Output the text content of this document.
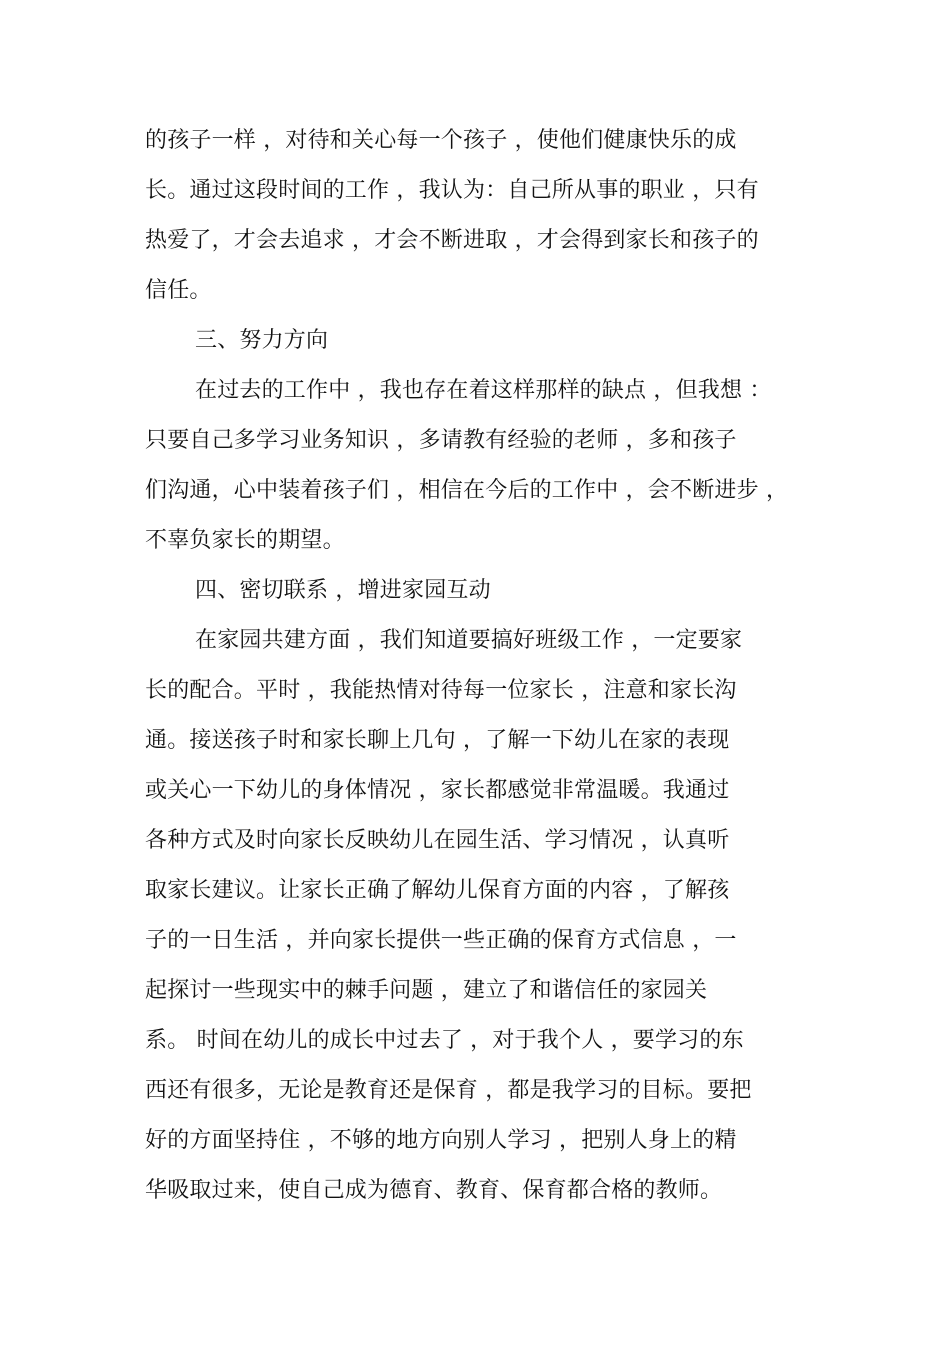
的孩子一样 ，对待和关心每一个孩子 ，使他们健康快乐的成
长。通过这段时间的工作 ，我认为：自己所从事的职业 ，只有
热爱了，才会去追求 ，才会不断进取 ，才会得到家长和孩子的
信任。
三、努力方向
在过去的工作中 ，我也存在着这样那样的缺点 ，但我想 ：
只要自己多学习业务知识 ，多请教有经验的老师 ，多和孩子
们沟通，心中装着孩子们 ，相信在今后的工作中 ，会不断进步 ，
不辜负家长的期望。
四、密切联系 ，增进家园互动
在家园共建方面 ，我们知道要搞好班级工作 ，一定要家
长的配合。平时 ，我能热情对待每一位家长 ，注意和家长沟
通。接送孩子时和家长聊上几句 ，了解一下幼儿在家的表现
或关心一下幼儿的身体情况 ，家长都感觉非常温暖。我通过
各种方式及时向家长反映幼儿在园生活、学习情况 ，认真听
取家长建议。让家长正确了解幼儿保育方面的内容 ，了解孩
子的一日生活 ，并向家长提供一些正确的保育方式信息 ，一
起探讨一些现实中的棘手问题 ，建立了和谐信任的家园关
系。 时间在幼儿的成长中过去了 ，对于我个人 ，要学习的东
西还有很多，无论是教育还是保育 ，都是我学习的目标。要把
好的方面坚持住 ，不够的地方向别人学习 ，把别人身上的精
华吸取过来，使自己成为德育、教育、保育都合格的教师。
